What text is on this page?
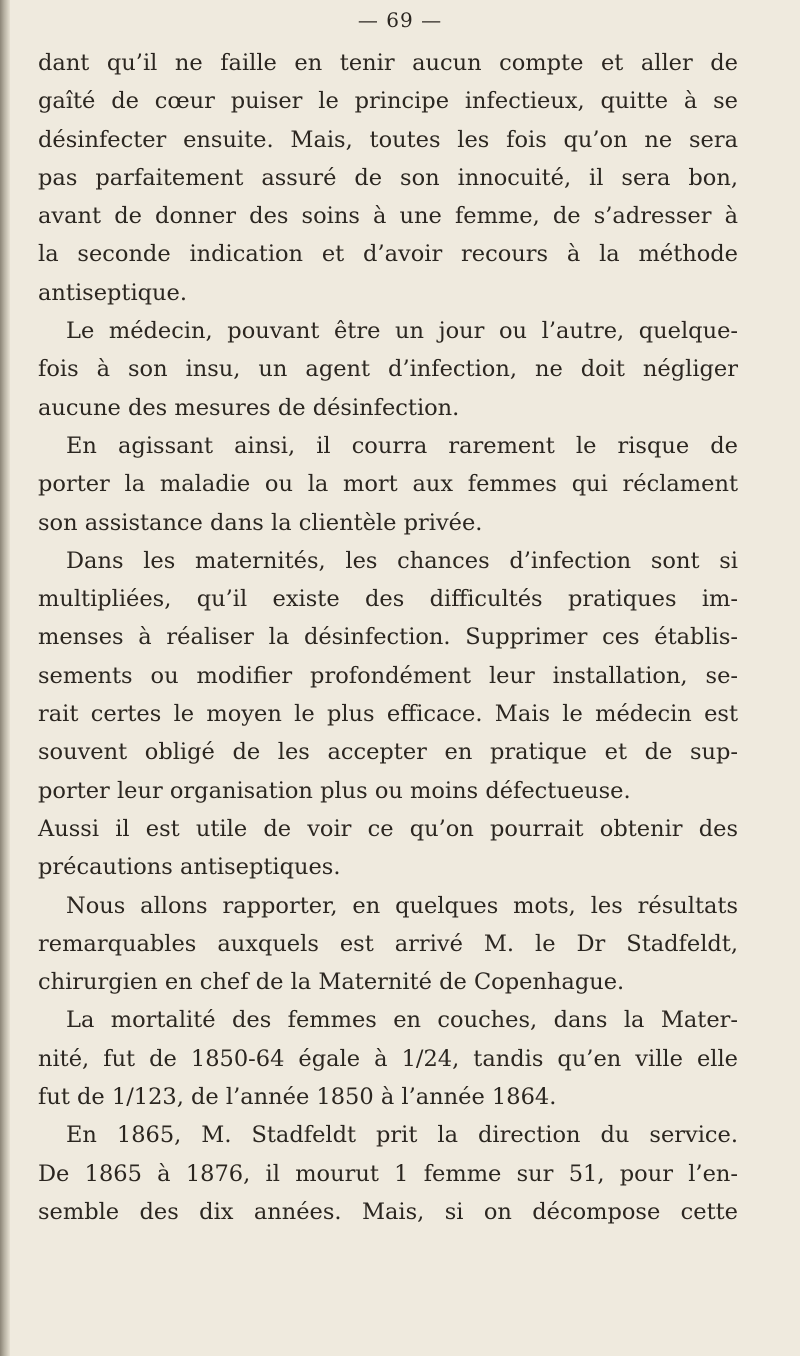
— 69 —
dant qu’il ne faille en tenir aucun compte et aller de
gaîté de cœur puiser le principe infectieux, quitte à se
désinfecter ensuite. Mais, toutes les fois qu’on ne sera
pas parfaitement assuré de son innocuité, il sera bon,
avant de donner des soins à une femme, de s’adresser à
la seconde indication et d’avoir recours à la méthode
antiseptique.
Le médecin, pouvant être un jour ou l’autre, quelque-
fois à son insu, un agent d’infection, ne doit négliger
aucune des mesures de désinfection.
En agissant ainsi, il courra rarement le risque de
porter la maladie ou la mort aux femmes qui réclament
son assistance dans la clientèle privée.
Dans les maternités, les chances d’infection sont si
multipliées, qu’il existe des difficultés pratiques im-
menses à réaliser la désinfection. Supprimer ces établis-
sements ou modifier profondément leur installation, se-
rait certes le moyen le plus efficace. Mais le médecin est
souvent obligé de les accepter en pratique et de sup-
porter leur organisation plus ou moins défectueuse.
Aussi il est utile de voir ce qu’on pourrait obtenir des
précautions antiseptiques.
Nous allons rapporter, en quelques mots, les résultats
remarquables auxquels est arrivé M. le Dr Stadfeldt,
chirurgien en chef de la Maternité de Copenhague.
La mortalité des femmes en couches, dans la Mater-
nité, fut de 1850-64 égale à 1/24, tandis qu’en ville elle
fut de 1/123, de l’année 1850 à l’année 1864.
En 1865, M. Stadfeldt prit la direction du service.
De 1865 à 1876, il mourut 1 femme sur 51, pour l’en-
semble des dix années. Mais, si on décompose cette
